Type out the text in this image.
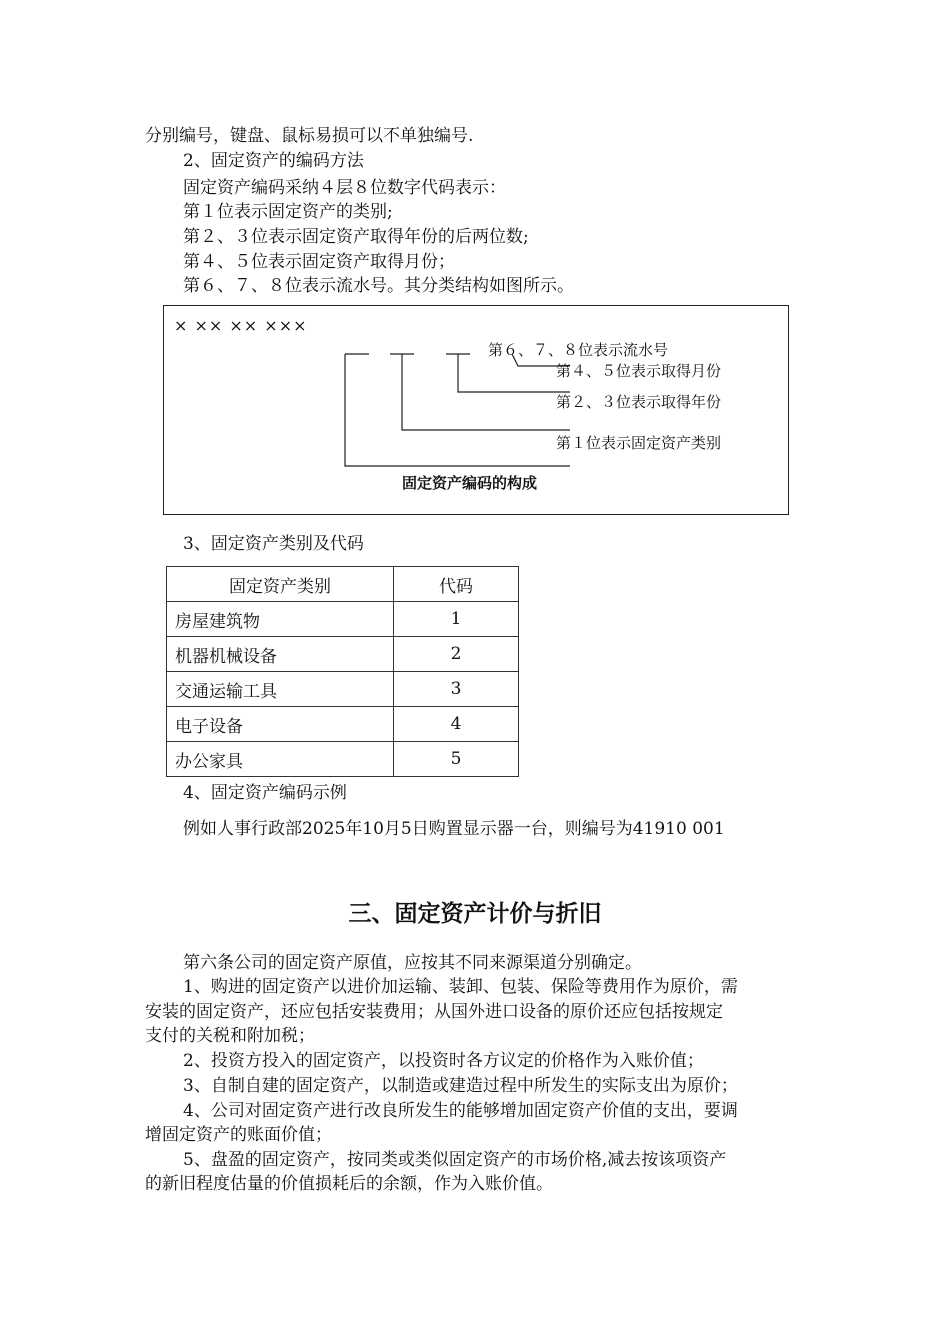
分别编号，键盘、鼠标易损可以不单独编号.
2、固定资产的编码方法
固定资产编码采纳４层８位数字代码表示：
第１位表示固定资产的类别;
第２、３位表示固定资产取得年份的后两位数;
第４、５位表示固定资产取得月份；
第６、７、８位表示流水号。其分类结构如图所示。
× ×× ×× ×××
第６、７、８位表示流水号
第４、５位表示取得月份
第２、３位表示取得年份
第１位表示固定资产类别
固定资产编码的构成
3、固定资产类别及代码
固定资产类别	代码
房屋建筑物	1
机器机械设备	2
交通运输工具	3
电子设备	4
办公家具	5
4、固定资产编码示例
例如人事行政部2025年10月5日购置显示器一台，则编号为41910 001
三、固定资产计价与折旧
第六条公司的固定资产原值，应按其不同来源渠道分别确定。
1、购进的固定资产以进价加运输、装卸、包装、保险等费用作为原价，需
安装的固定资产，还应包括安装费用；从国外进口设备的原价还应包括按规定
支付的关税和附加税；
2、投资方投入的固定资产，以投资时各方议定的价格作为入账价值；
3、自制自建的固定资产，以制造或建造过程中所发生的实际支出为原价；
4、公司对固定资产进行改良所发生的能够增加固定资产价值的支出，要调
增固定资产的账面价值；
5、盘盈的固定资产，按同类或类似固定资产的市场价格,减去按该项资产
的新旧程度估量的价值损耗后的余额，作为入账价值。
